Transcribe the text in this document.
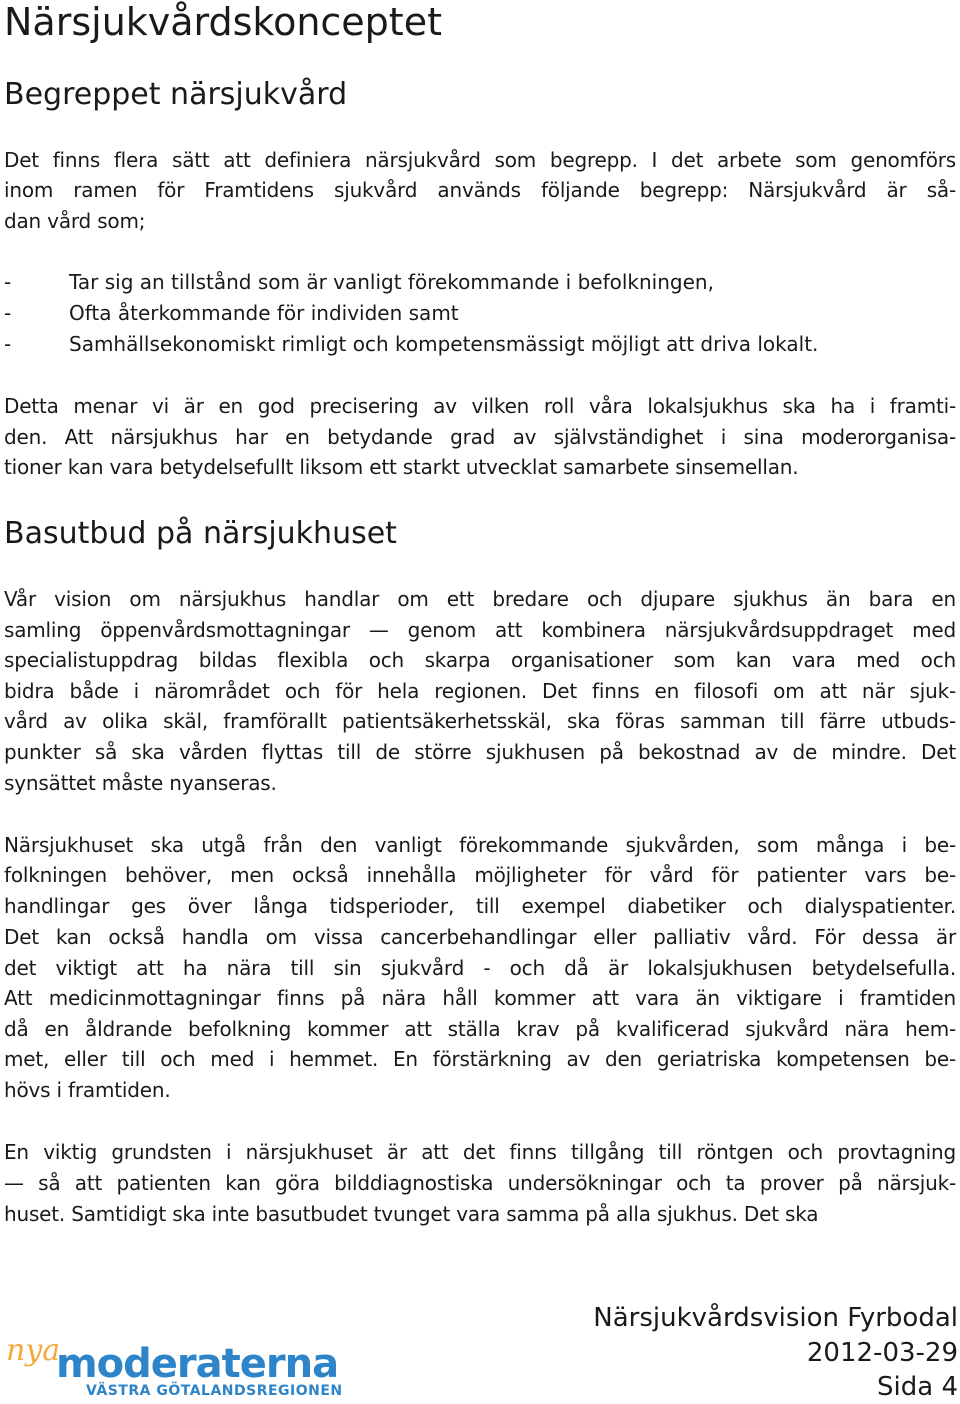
Närsjukvårdskonceptet
Begreppet närsjukvård

Det finns flera sätt att definiera närsjukvård som begrepp. I det arbete som genomförs

inom ramen för Framtidens sjukvård används följande begrepp: Närsjukvård är så-

dan vård som;

-	Tar sig an tillstånd som är vanligt förekommande i befolkningen,
-	Ofta återkommande för individen samt
-	Samhällsekonomiskt rimligt och kompetensmässigt möjligt att driva lokalt.

Detta menar vi är en god precisering av vilken roll våra lokalsjukhus ska ha i framti-

den. Att närsjukhus har en betydande grad av självständighet i sina moderorganisa-

tioner kan vara betydelsefullt liksom ett starkt utvecklat samarbete sinsemellan.

Basutbud på närsjukhuset

Vår vision om närsjukhus handlar om ett bredare och djupare sjukhus än bara en

samling öppenvårdsmottagningar — genom att kombinera närsjukvårdsuppdraget med

specialistuppdrag bildas flexibla och skarpa organisationer som kan vara med och

bidra både i närområdet och för hela regionen. Det finns en filosofi om att när sjuk-

vård av olika skäl, framförallt patientsäkerhetsskäl, ska föras samman till färre utbuds-

punkter så ska vården flyttas till de större sjukhusen på bekostnad av de mindre. Det

synsättet måste nyanseras.

Närsjukhuset ska utgå från den vanligt förekommande sjukvården, som många i be-

folkningen behöver, men också innehålla möjligheter för vård för patienter vars be-

handlingar ges över långa tidsperioder, till exempel diabetiker och dialyspatienter.

Det kan också handla om vissa cancerbehandlingar eller palliativ vård. För dessa är

det viktigt att ha nära till sin sjukvård - och då är lokalsjukhusen betydelsefulla.

Att medicinmottagningar finns på nära håll kommer att vara än viktigare i framtiden

då en åldrande befolkning kommer att ställa krav på kvalificerad sjukvård nära hem-

met, eller till och med i hemmet. En förstärkning av den geriatriska kompetensen be-

hövs i framtiden.

En viktig grundsten i närsjukhuset är att det finns tillgång till röntgen och provtagning

— så att patienten kan göra bilddiagnostiska undersökningar och ta prover på närsjuk-

huset. Samtidigt ska inte basutbudet tvunget vara samma på alla sjukhus. Det ska

nya
moderaterna
VÄSTRA GÖTALANDSREGIONEN
Närsjukvårdsvision Fyrbodal
2012-03-29
Sida 4
